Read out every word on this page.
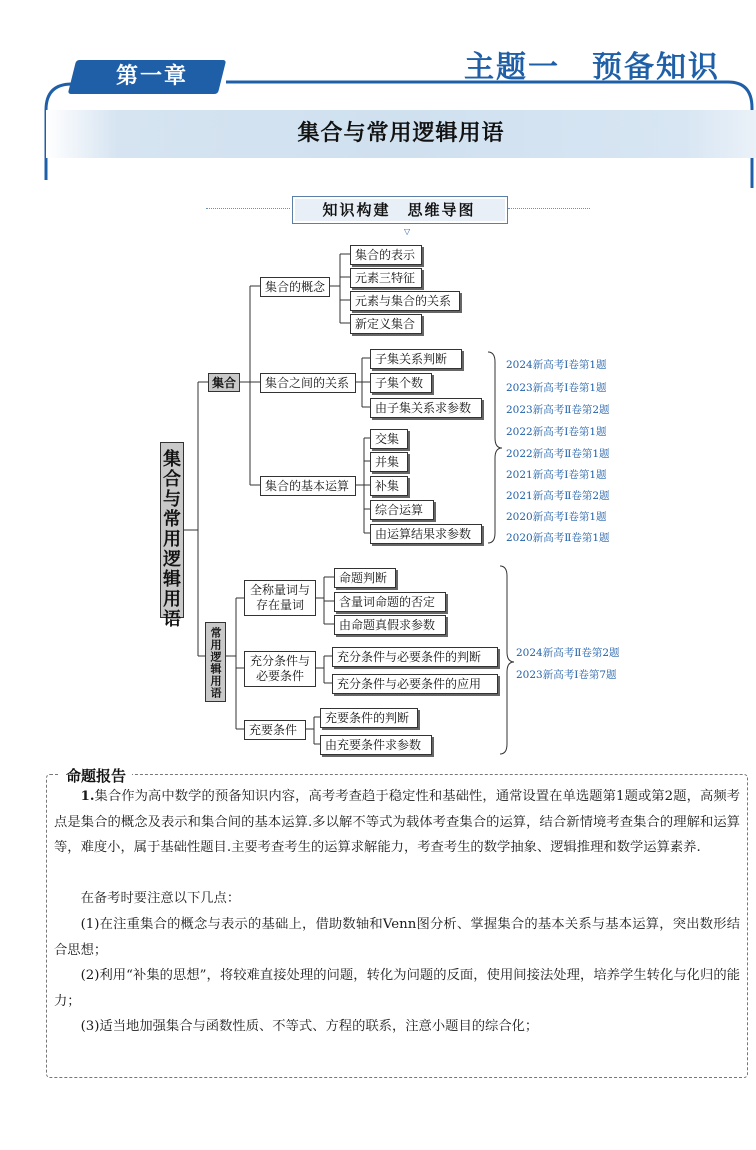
第一章	主题一　预备知识
集合与常用逻辑用语
知识构建　思维导图
▽
集合与常用逻辑用语
集合
集合的概念
集合的表示
元素三特征
元素与集合的关系
新定义集合
集合之间的关系
子集关系判断
子集个数
由子集关系求参数
集合的基本运算
交集
并集
补集
综合运算
由运算结果求参数
常用逻辑用语
全称量词与存在量词
命题判断
含量词命题的否定
由命题真假求参数
充分条件与必要条件
充分条件与必要条件的判断
充分条件与必要条件的应用
充要条件
充要条件的判断
由充要条件求参数
2024新高考Ⅰ卷第1题
2023新高考Ⅰ卷第1题
2023新高考Ⅱ卷第2题
2022新高考Ⅰ卷第1题
2022新高考Ⅱ卷第1题
2021新高考Ⅰ卷第1题
2021新高考Ⅱ卷第2题
2020新高考Ⅰ卷第1题
2020新高考Ⅱ卷第1题
2024新高考Ⅱ卷第2题
2023新高考Ⅰ卷第7题
命题报告
1.集合作为高中数学的预备知识内容，高考考查趋于稳定性和基础性，通常设置在单选题第1题或第2题，高频考点是集合的概念及表示和集合间的基本运算.多以解不等式为载体考查集合的运算，结合新情境考查集合的理解和运算等，难度小，属于基础性题目.主要考查考生的运算求解能力，考查考生的数学抽象、逻辑推理和数学运算素养.
在备考时要注意以下几点：
(1)在注重集合的概念与表示的基础上，借助数轴和Venn图分析、掌握集合的基本关系与基本运算，突出数形结合思想；
(2)利用“补集的思想”，将较难直接处理的问题，转化为问题的反面，使用间接法处理，培养学生转化与化归的能力；
(3)适当地加强集合与函数性质、不等式、方程的联系，注意小题目的综合化；
